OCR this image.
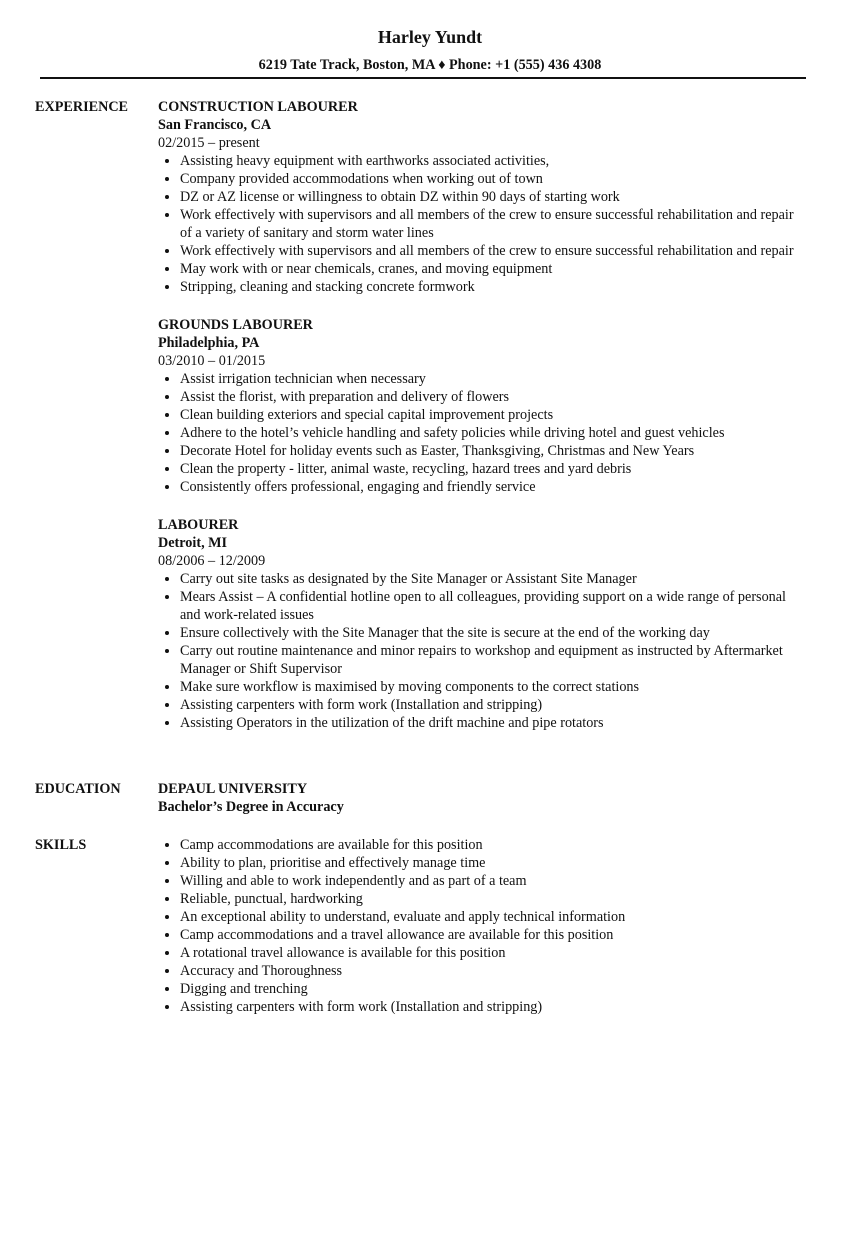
Harley Yundt
6219 Tate Track, Boston, MA ♦ Phone: +1 (555) 436 4308
EXPERIENCE CONSTRUCTION LABOURER
San Francisco, CA
02/2015 – present
• Assisting heavy equipment with earthworks associated activities,
• Company provided accommodations when working out of town
• DZ or AZ license or willingness to obtain DZ within 90 days of starting work
• Work effectively with supervisors and all members of the crew to ensure successful rehabilitation and repair of a variety of sanitary and storm water lines
• Work effectively with supervisors and all members of the crew to ensure successful rehabilitation and repair
• May work with or near chemicals, cranes, and moving equipment
• Stripping, cleaning and stacking concrete formwork
GROUNDS LABOURER
Philadelphia, PA
03/2010 – 01/2015
• Assist irrigation technician when necessary
• Assist the florist, with preparation and delivery of flowers
• Clean building exteriors and special capital improvement projects
• Adhere to the hotel’s vehicle handling and safety policies while driving hotel and guest vehicles
• Decorate Hotel for holiday events such as Easter, Thanksgiving, Christmas and New Years
• Clean the property - litter, animal waste, recycling, hazard trees and yard debris
• Consistently offers professional, engaging and friendly service
LABOURER
Detroit, MI
08/2006 – 12/2009
• Carry out site tasks as designated by the Site Manager or Assistant Site Manager
• Mears Assist – A confidential hotline open to all colleagues, providing support on a wide range of personal and work-related issues
• Ensure collectively with the Site Manager that the site is secure at the end of the working day
• Carry out routine maintenance and minor repairs to workshop and equipment as instructed by Aftermarket Manager or Shift Supervisor
• Make sure workflow is maximised by moving components to the correct stations
• Assisting carpenters with form work (Installation and stripping)
• Assisting Operators in the utilization of the drift machine and pipe rotators
EDUCATION	DEPAUL UNIVERSITY
Bachelor’s Degree in Accuracy
SKILLS
•	Camp accommodations are available for this position
• Ability to plan, prioritise and effectively manage time
• Willing and able to work independently and as part of a team
• Reliable, punctual, hardworking
• An exceptional ability to understand, evaluate and apply technical information
• Camp accommodations and a travel allowance are available for this position
• A rotational travel allowance is available for this position
• Accuracy and Thoroughness
• Digging and trenching
• Assisting carpenters with form work (Installation and stripping)
